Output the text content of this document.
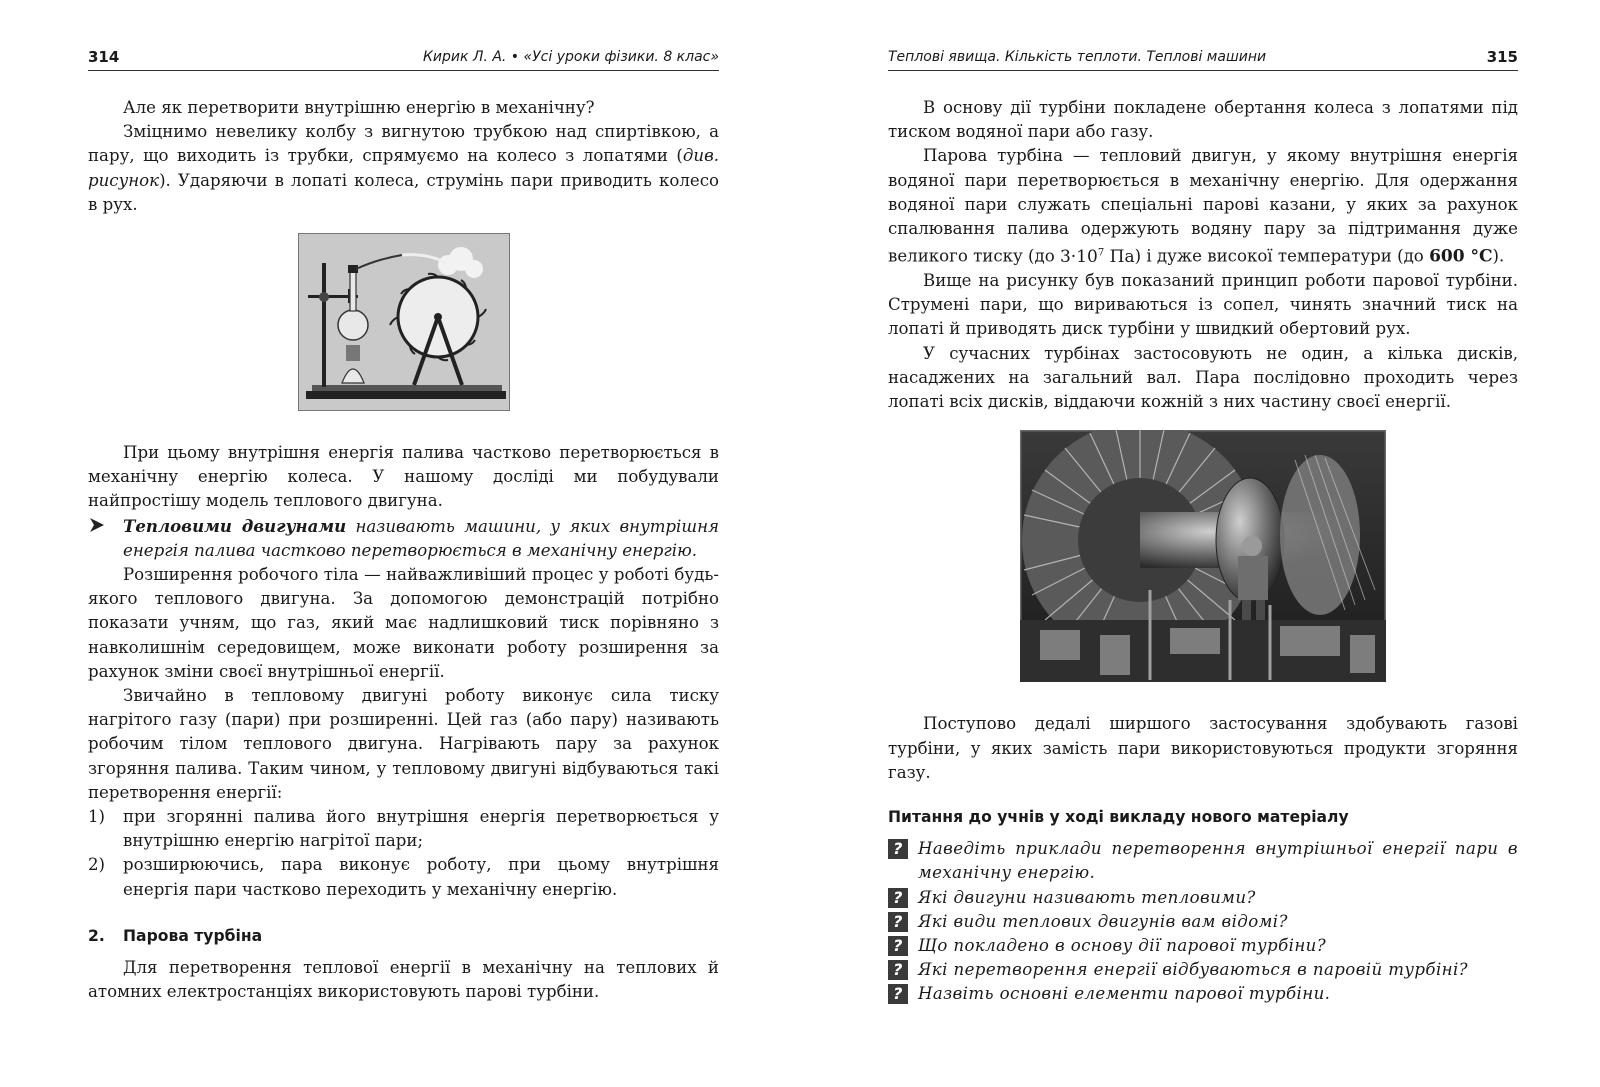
314	Кирик Л. А. • «Усі уроки фізики. 8 клас»

Але як перетворити внутрішню енергію в механічну?

Зміцнимо невелику колбу з вигнутою трубкою над спиртівкою, а пару, що виходить із трубки, спрямуємо на колесо з лопатями (див. рисунок). Ударяючи в лопаті колеса, струмінь пари приводить колесо в рух.

При цьому внутрішня енергія палива частково перетворюється в механічну енергію колеса. У нашому досліді ми побудували найпростішу модель теплового двигуна.

Тепловими двигунами називають машини, у яких внутрішня енергія палива частково перетворюється в механічну енергію.

Розширення робочого тіла — найважливіший процес у роботі будь-якого теплового двигуна. За допомогою демонстрацій потрібно показати учням, що газ, який має надлишковий тиск порівняно з навколишнім середовищем, може виконати роботу розширення за рахунок зміни своєї внутрішньої енергії.

Звичайно в тепловому двигуні роботу виконує сила тиску нагрітого газу (пари) при розширенні. Цей газ (або пару) називають робочим тілом теплового двигуна. Нагрівають пару за рахунок згоряння палива. Таким чином, у тепловому двигуні відбуваються такі перетворення енергії:

1) при згорянні палива його внутрішня енергія перетворюється у внутрішню енергію нагрітої пари;
2) розширюючись, пара виконує роботу, при цьому внутрішня енергія пари частково переходить у механічну енергію.
2. Парова турбіна

Для перетворення теплової енергії в механічну на теплових й атомних електростанціях використовують парові турбіни.

Теплові явища. Кількість теплоти. Теплові машини	315

В основу дії турбіни покладене обертання колеса з лопатями під тиском водяної пари або газу.

Парова турбіна — тепловий двигун, у якому внутрішня енергія водяної пари перетворюється в механічну енергію. Для одержання водяної пари служать спеціальні парові казани, у яких за рахунок спалювання палива одержують водяну пару за підтримання дуже великого тиску (до $3\cdot 10^7$ Па) і дуже високої температури (до 600 °С).

Вище на рисунку був показаний принцип роботи парової турбіни. Струмені пари, що вириваються із сопел, чинять значний тиск на лопаті й приводять диск турбіни у швидкий обертовий рух.

У сучасних турбінах застосовують не один, а кілька дисків, насаджених на загальний вал. Пара послідовно проходить через лопаті всіх дисків, віддаючи кожній з них частину своєї енергії.

Поступово дедалі ширшого застосування здобувають газові турбіни, у яких замість пари використовуються продукти згоряння газу.

Питання до учнів у ході викладу нового матеріалу
? Наведіть приклади перетворення внутрішньої енергії пари в механічну енергію.
? Які двигуни називають тепловими?
? Які види теплових двигунів вам відомі?
? Що покладено в основу дії парової турбіни?
? Які перетворення енергії відбуваються в паровій турбіні?
? Назвіть основні елементи парової турбіни.
